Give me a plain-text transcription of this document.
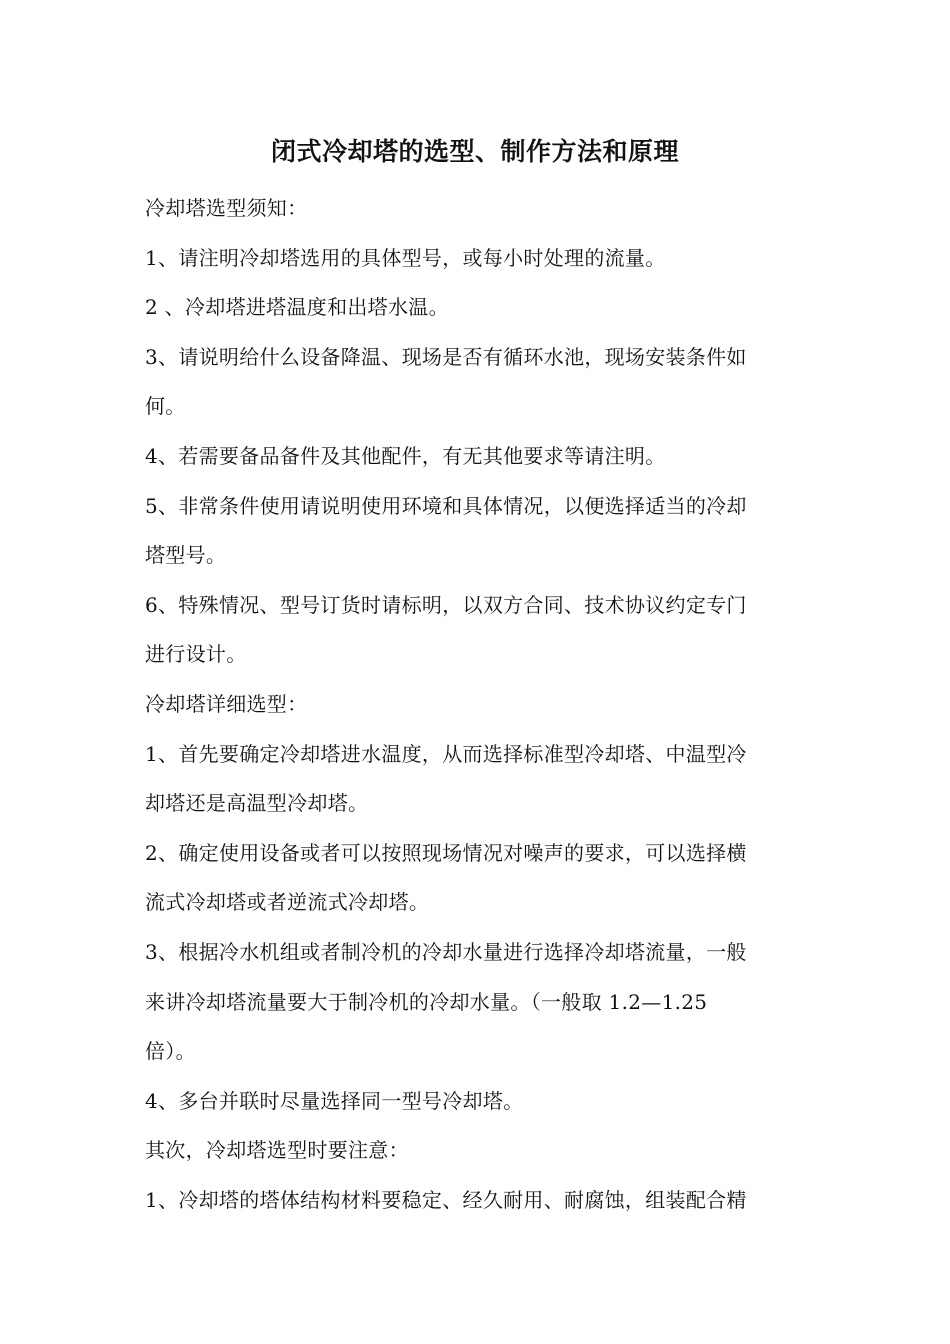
闭式冷却塔的选型、制作方法和原理

冷却塔选型须知：

1、请注明冷却塔选用的具体型号，或每小时处理的流量。

2 、冷却塔进塔温度和出塔水温。

3、请说明给什么设备降温、现场是否有循环水池，现场安装条件如

何。

4、若需要备品备件及其他配件，有无其他要求等请注明。

5、非常条件使用请说明使用环境和具体情况，以便选择适当的冷却

塔型号。

6、特殊情况、型号订货时请标明，以双方合同、技术协议约定专门

进行设计。

冷却塔详细选型：

1、首先要确定冷却塔进水温度，从而选择标准型冷却塔、中温型冷

却塔还是高温型冷却塔。

2、确定使用设备或者可以按照现场情况对噪声的要求，可以选择横

流式冷却塔或者逆流式冷却塔。

3、根据冷水机组或者制冷机的冷却水量进行选择冷却塔流量，一般

来讲冷却塔流量要大于制冷机的冷却水量。（一般取 1.2—1.25

倍）。

4、多台并联时尽量选择同一型号冷却塔。

其次，冷却塔选型时要注意：

1、冷却塔的塔体结构材料要稳定、经久耐用、耐腐蚀，组装配合精
